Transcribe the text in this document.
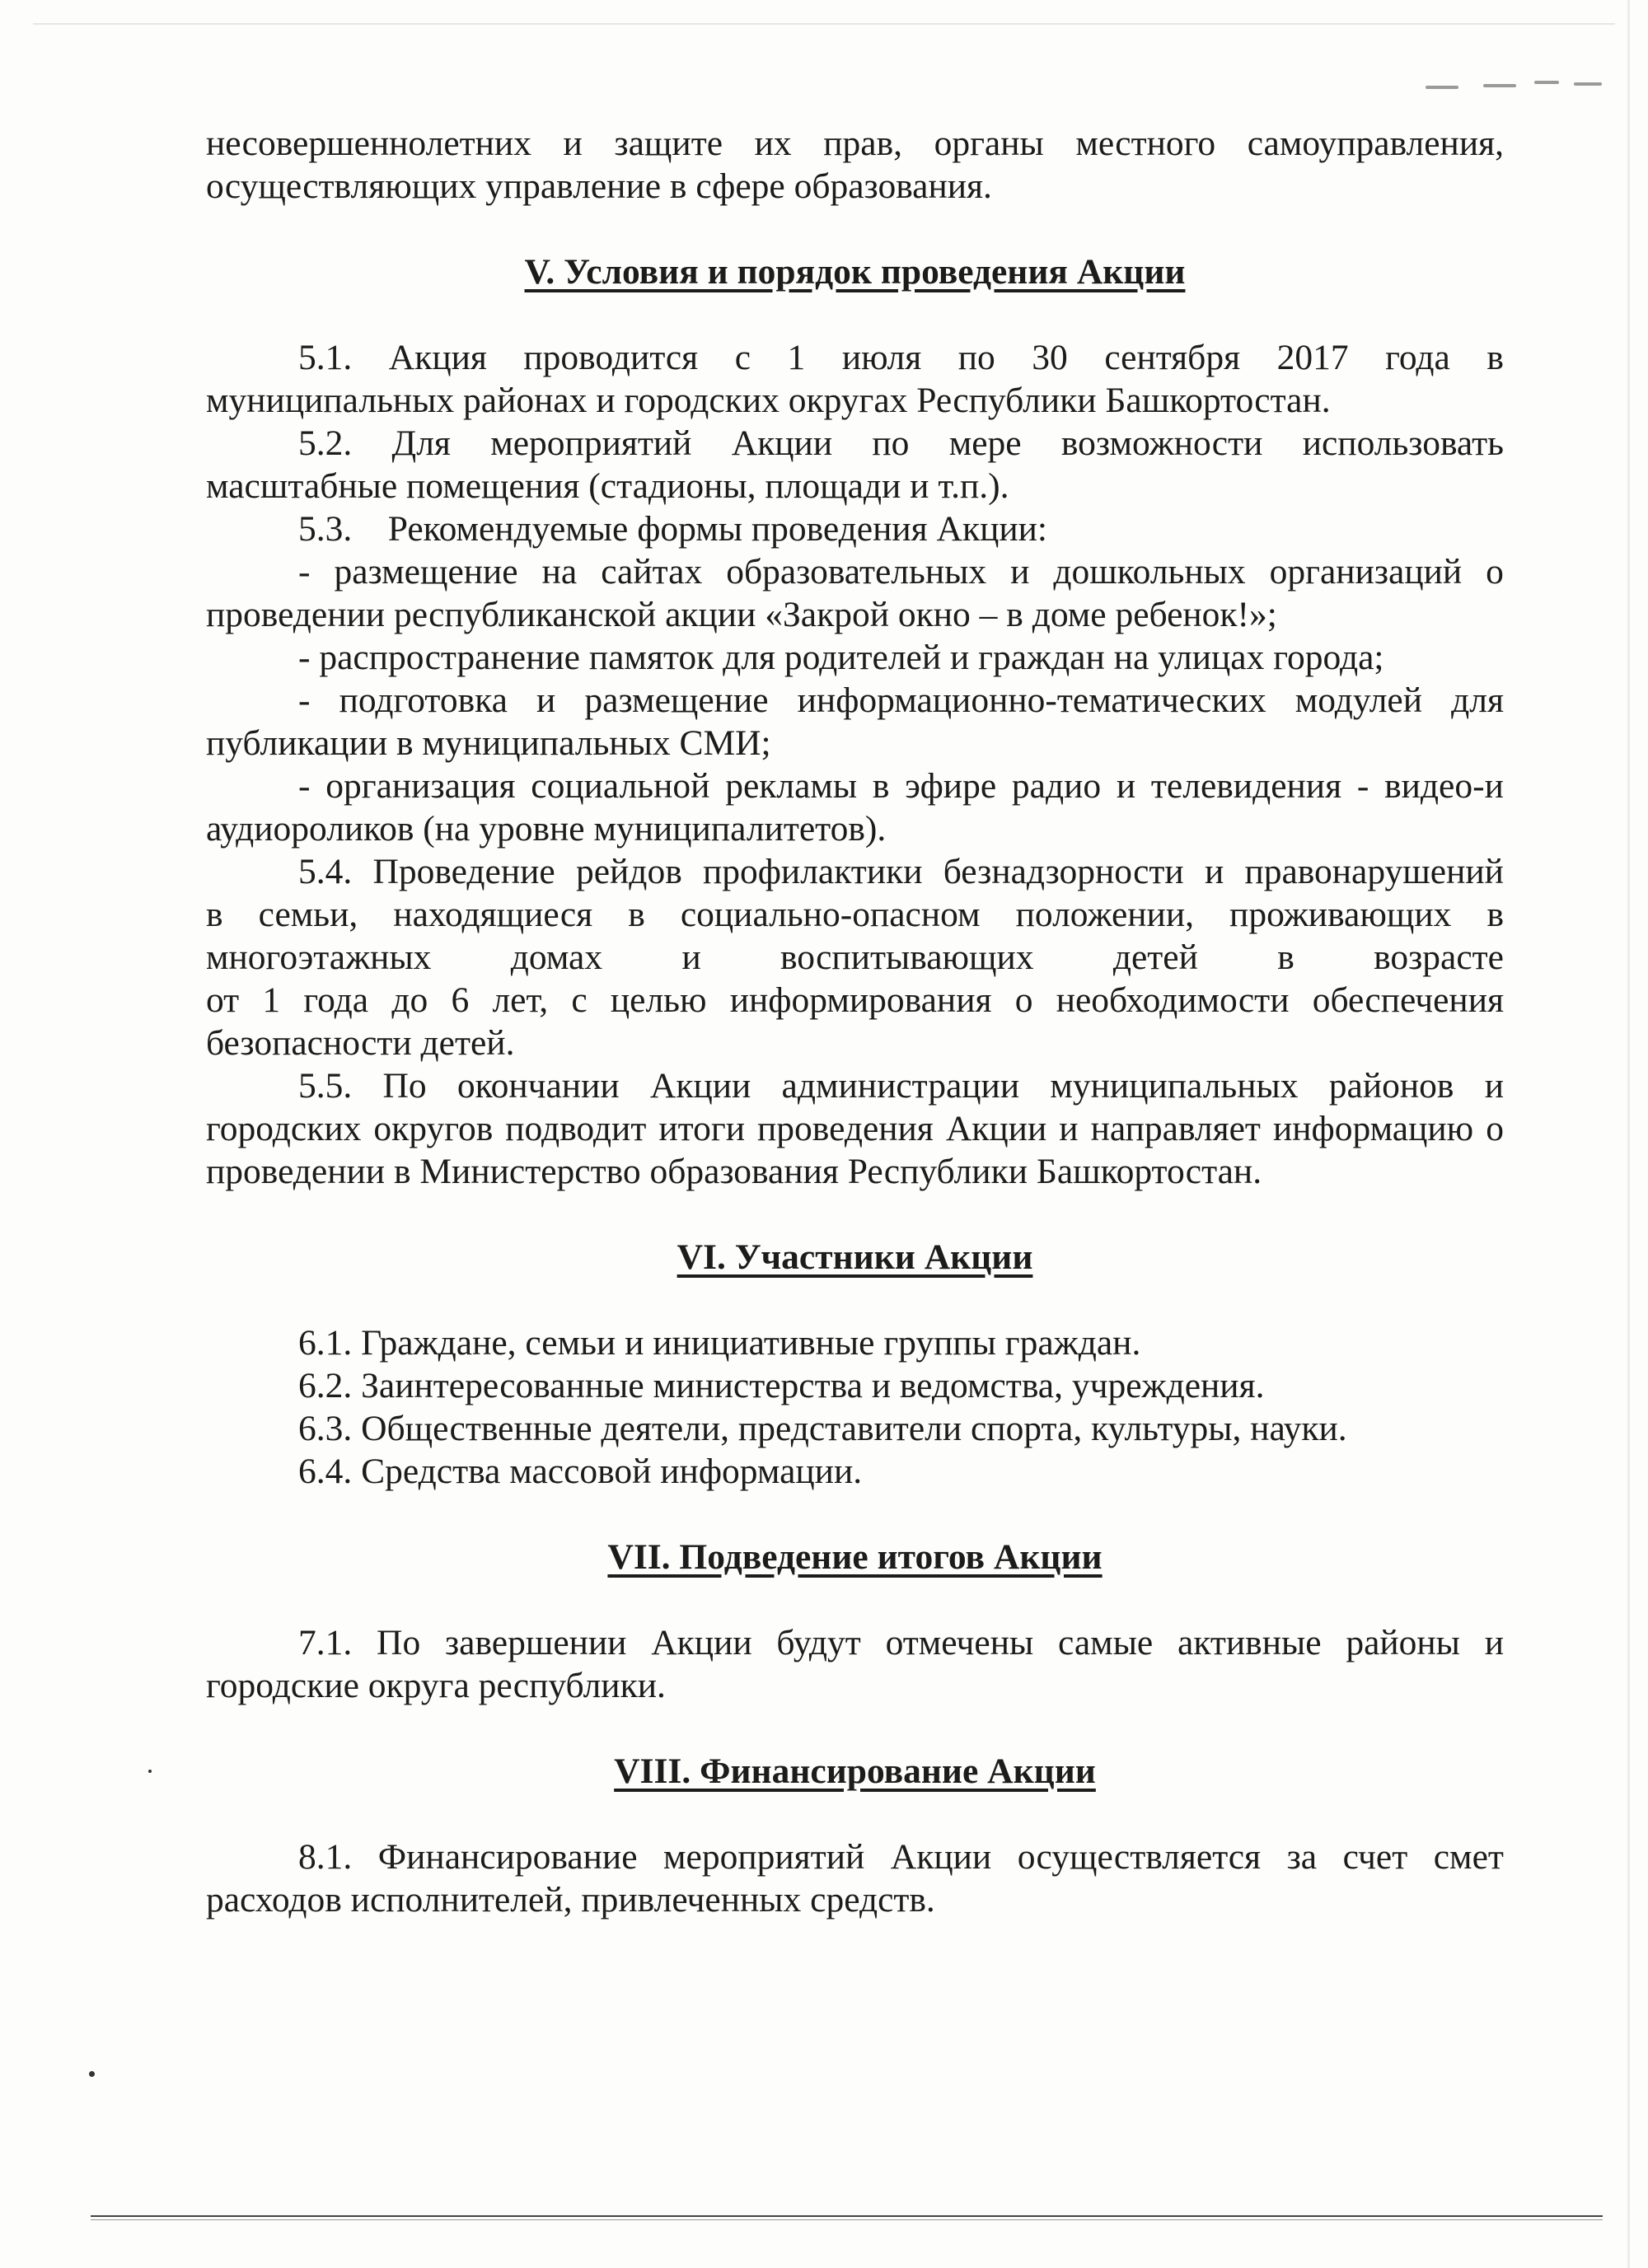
несовершеннолетних и защите их прав, органы местного самоуправления,
осуществляющих управление в сфере образования.
V. Условия и порядок проведения Акции
5.1. Акция проводится с 1 июля по 30 сентября 2017 года в
муниципальных районах и городских округах Республики Башкортостан.
5.2. Для мероприятий Акции по мере возможности использовать
масштабные помещения (стадионы, площади и т.п.).
5.3.    Рекомендуемые формы проведения Акции:
- размещение на сайтах образовательных и дошкольных организаций о
проведении республиканской акции «Закрой окно – в доме ребенок!»;
- распространение памяток для родителей и граждан на улицах города;
- подготовка и размещение информационно-тематических модулей для
публикации в муниципальных СМИ;
- организация социальной рекламы в эфире радио и телевидения - видео-и
аудиороликов (на уровне муниципалитетов).
5.4. Проведение рейдов профилактики безнадзорности и правонарушений
в семьи, находящиеся в социально-опасном положении, проживающих в
многоэтажных домах и воспитывающих детей в возрасте
от 1 года до 6 лет, с целью информирования о необходимости обеспечения
безопасности детей.
5.5. По окончании Акции администрации муниципальных районов и
городских округов подводит итоги проведения Акции и направляет информацию о
проведении в Министерство образования Республики Башкортостан.
VI. Участники Акции
6.1. Граждане, семьи и инициативные группы граждан.
6.2. Заинтересованные министерства и ведомства, учреждения.
6.3. Общественные деятели, представители спорта, культуры, науки.
6.4. Средства массовой информации.
VII. Подведение итогов Акции
7.1. По завершении Акции будут отмечены самые активные районы и
городские округа республики.
VIII. Финансирование Акции
8.1. Финансирование мероприятий Акции осуществляется за счет смет
расходов исполнителей, привлеченных средств.
